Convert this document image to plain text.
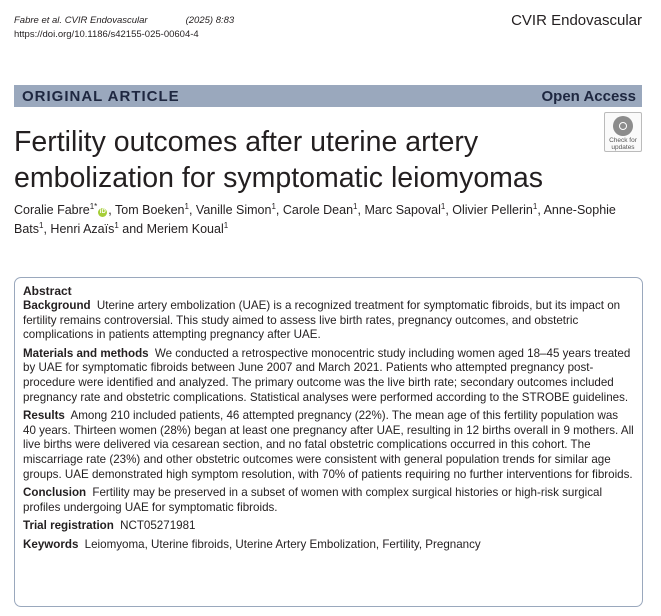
Fabre et al. CVIR Endovascular	(2025) 8:83
https://doi.org/10.1186/s42155-025-00604-4
CVIR Endovascular
ORIGINAL ARTICLE	Open Access
Fertility outcomes after uterine artery embolization for symptomatic leiomyomas
Check for
updates
Coralie Fabre$^{1*}$iD , Tom Boeken$^1$, Vanille Simon$^1$, Carole Dean$^1$, Marc Sapoval$^1$, Olivier Pellerin$^1$, Anne-Sophie Bats$^1$, Henri Azaïs$^1$ and Meriem Koual$^1$
Abstract

Background Uterine artery embolization (UAE) is a recognized treatment for symptomatic fibroids, but its impact on fertility remains controversial. This study aimed to assess live birth rates, pregnancy outcomes, and obstetric complications in patients attempting pregnancy after UAE.

Materials and methods We conducted a retrospective monocentric study including women aged 18–45 years treated by UAE for symptomatic fibroids between June 2007 and March 2021. Patients who attempted pregnancy post-procedure were identified and analyzed. The primary outcome was the live birth rate; secondary outcomes included pregnancy rate and obstetric complications. Statistical analyses were performed according to the STROBE guidelines.

Results Among 210 included patients, 46 attempted pregnancy (22%). The mean age of this fertility population was 40 years. Thirteen women (28%) began at least one pregnancy after UAE, resulting in 12 births overall in 9 mothers. All live births were delivered via cesarean section, and no fatal obstetric complications occurred in this cohort. The miscarriage rate (23%) and other obstetric outcomes were consistent with general population trends for similar age groups. UAE demonstrated high symptom resolution, with 70% of patients requiring no further interventions for fibroids.

Conclusion Fertility may be preserved in a subset of women with complex surgical histories or high-risk surgical profiles undergoing UAE for symptomatic fibroids.

Trial registration NCT05271981

Keywords Leiomyoma, Uterine fibroids, Uterine Artery Embolization, Fertility, Pregnancy
